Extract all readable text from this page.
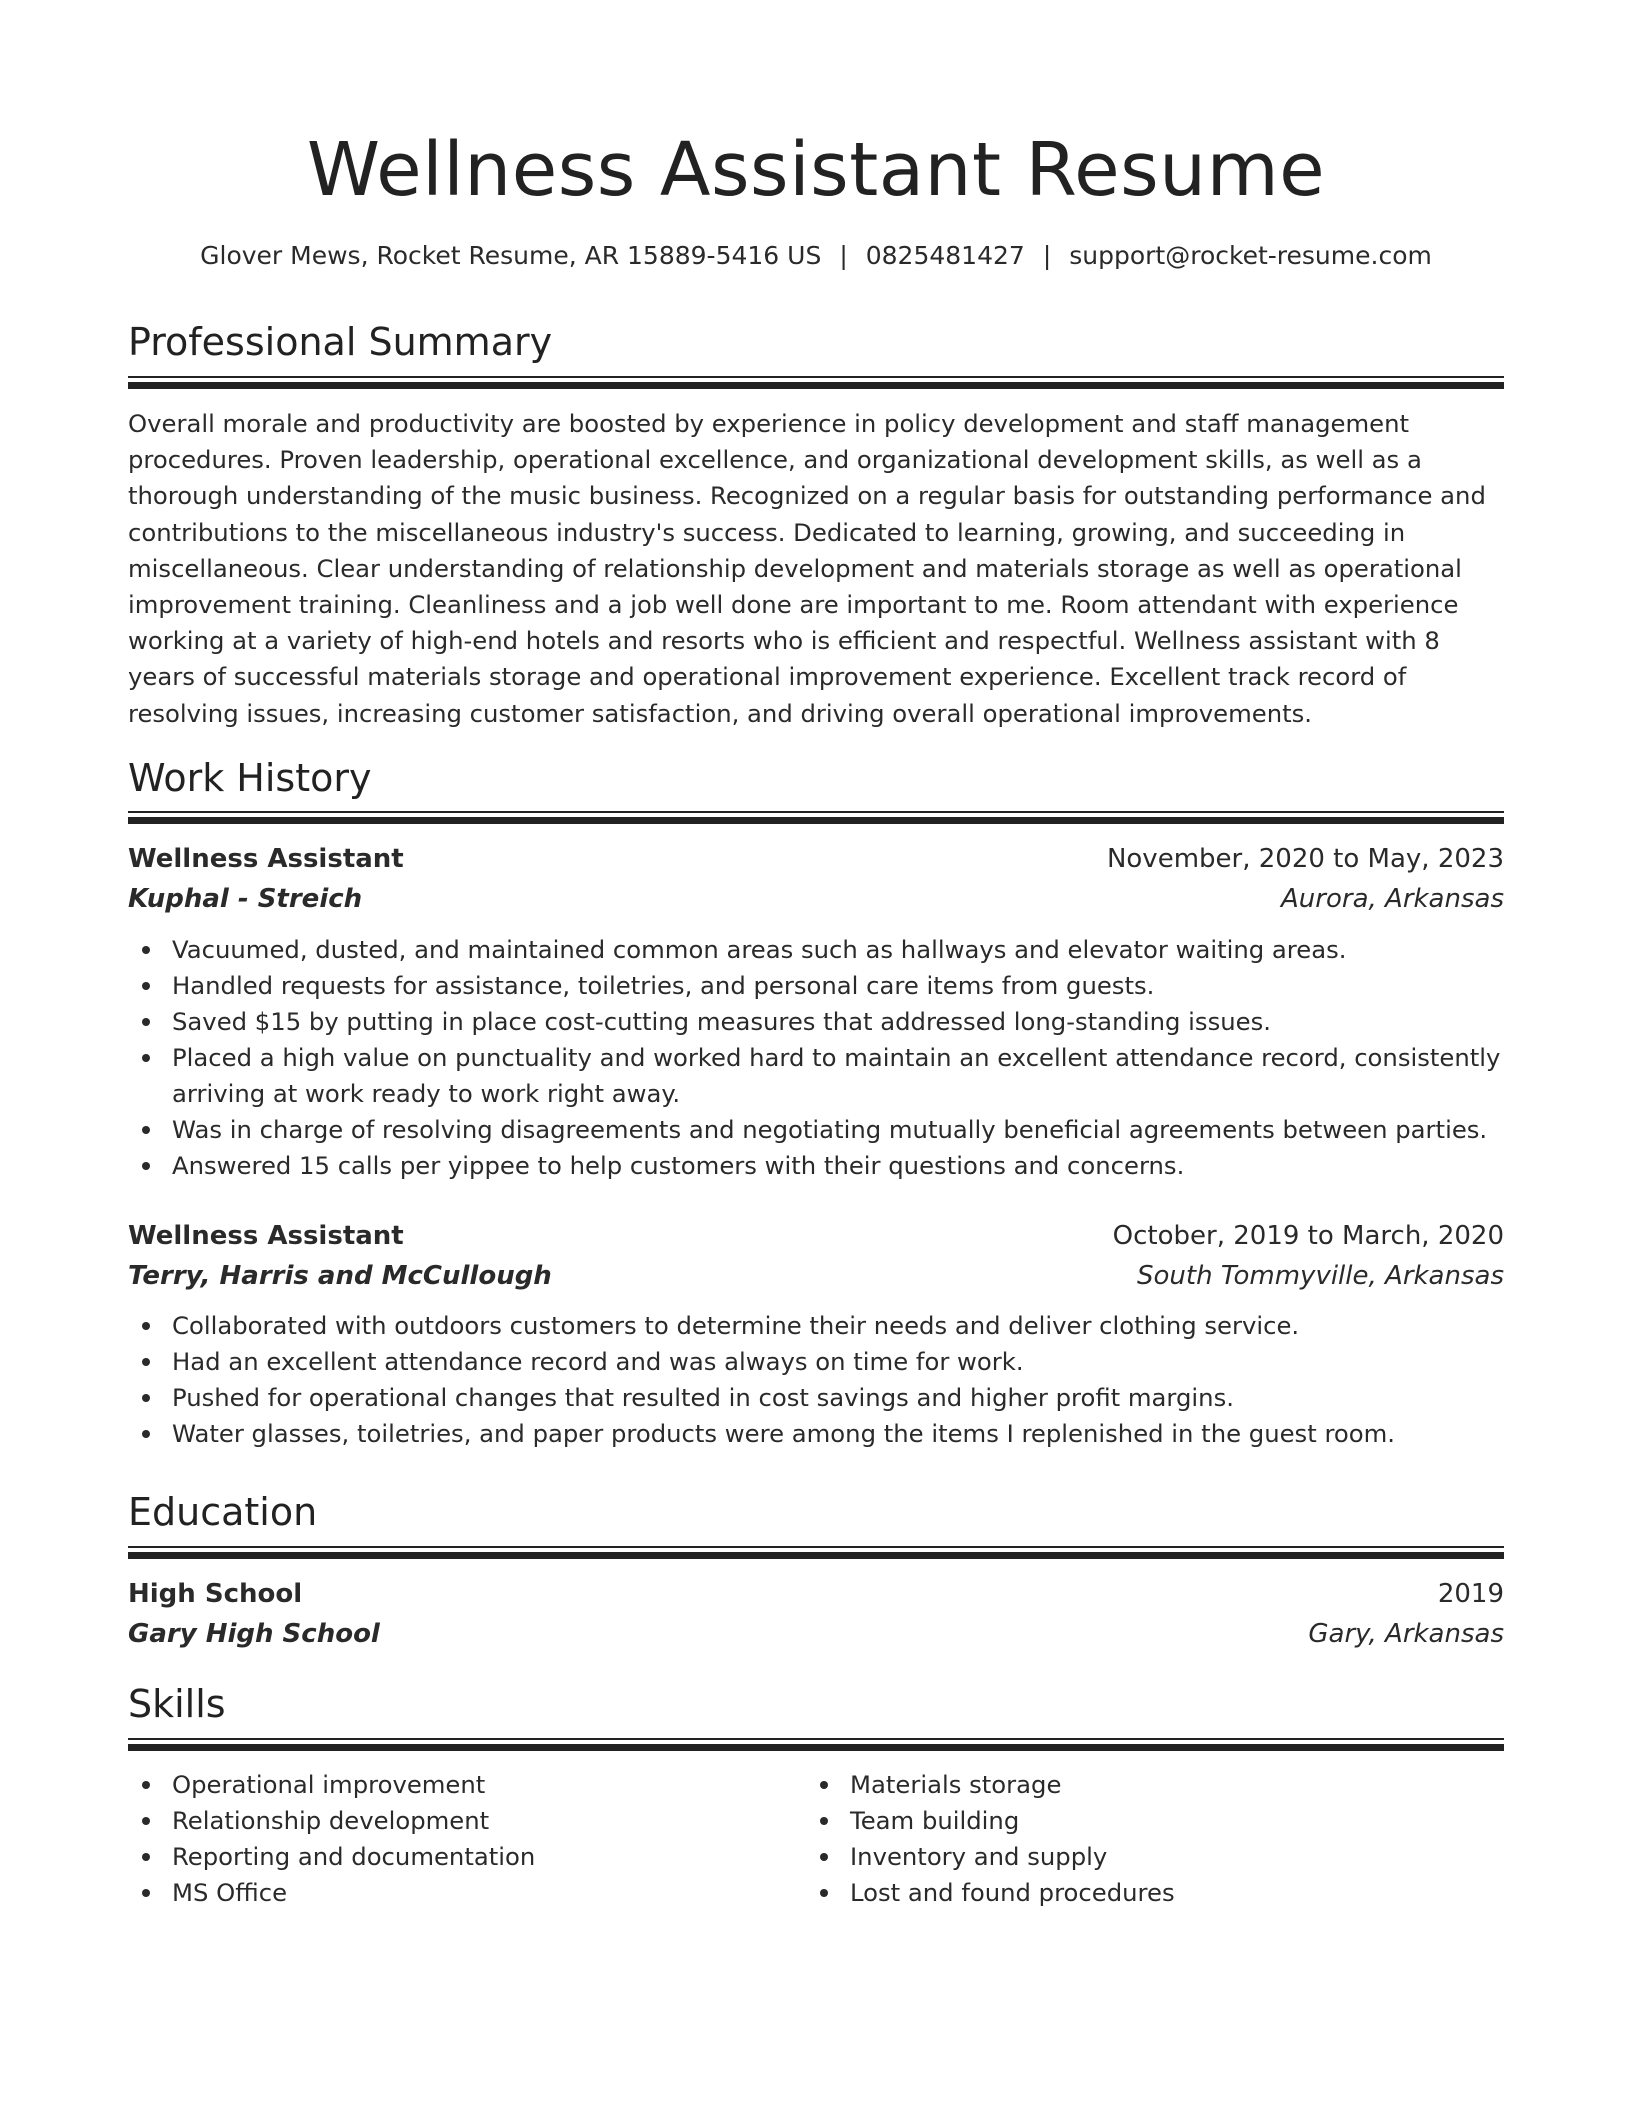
Wellness Assistant Resume
Glover Mews, Rocket Resume, AR 15889-5416 US | 0825481427 | support@rocket-resume.com
Professional Summary

Overall morale and productivity are boosted by experience in policy development and staff management procedures. Proven leadership, operational excellence, and organizational development skills, as well as a thorough understanding of the music business. Recognized on a regular basis for outstanding performance and contributions to the miscellaneous industry's success. Dedicated to learning, growing, and succeeding in miscellaneous. Clear understanding of relationship development and materials storage as well as operational improvement training. Cleanliness and a job well done are important to me. Room attendant with experience working at a variety of high-end hotels and resorts who is efficient and respectful. Wellness assistant with 8 years of successful materials storage and operational improvement experience. Excellent track record of resolving issues, increasing customer satisfaction, and driving overall operational improvements.

Work History
Wellness Assistant	November, 2020 to May, 2023
Kuphal - Streich	Aurora, Arkansas
Vacuumed, dusted, and maintained common areas such as hallways and elevator waiting areas.
Handled requests for assistance, toiletries, and personal care items from guests.
Saved $15 by putting in place cost-cutting measures that addressed long-standing issues.
Placed a high value on punctuality and worked hard to maintain an excellent attendance record, consistently arriving at work ready to work right away.
Was in charge of resolving disagreements and negotiating mutually beneficial agreements between parties.
Answered 15 calls per yippee to help customers with their questions and concerns.
Wellness Assistant	October, 2019 to March, 2020
Terry, Harris and McCullough	South Tommyville, Arkansas
Collaborated with outdoors customers to determine their needs and deliver clothing service.
Had an excellent attendance record and was always on time for work.
Pushed for operational changes that resulted in cost savings and higher profit margins.
Water glasses, toiletries, and paper products were among the items I replenished in the guest room.
Education
High School	2019
Gary High School	Gary, Arkansas
Skills
Operational improvement
Relationship development
Reporting and documentation
MS Office
Materials storage
Team building
Inventory and supply
Lost and found procedures
